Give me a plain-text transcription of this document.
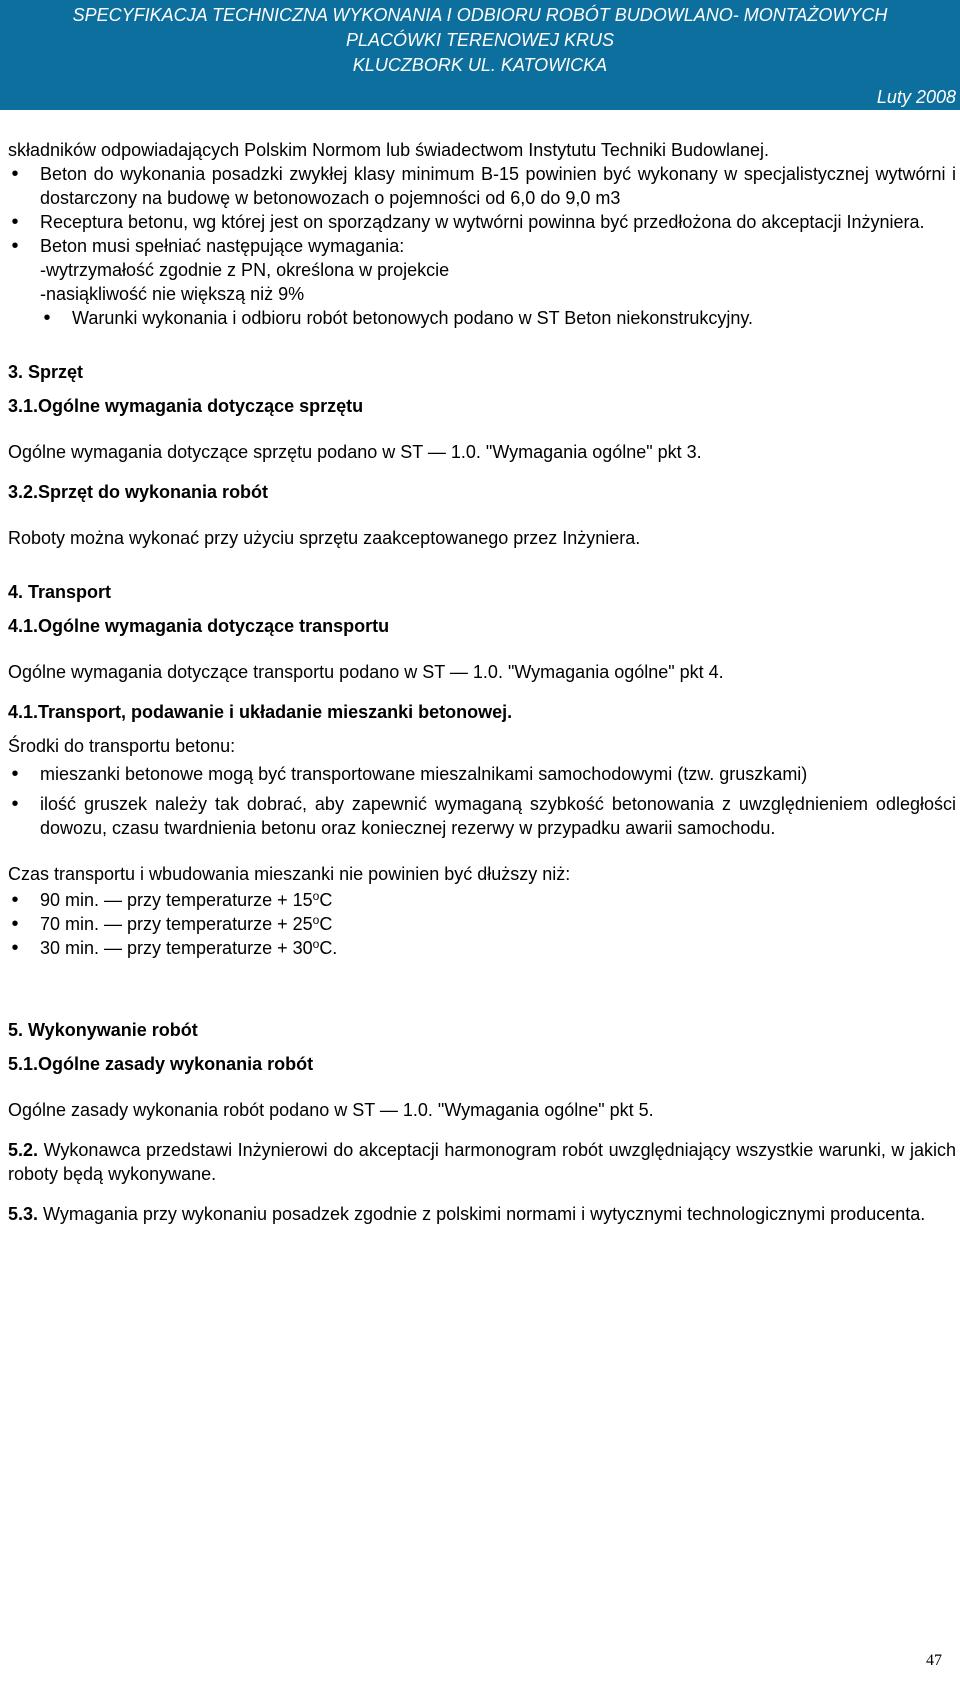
SPECYFIKACJA TECHNICZNA WYKONANIA I ODBIORU ROBÓT BUDOWLANO- MONTAŻOWYCH
PLACÓWKI TERENOWEJ KRUS
KLUCZBORK UL. KATOWICKA
Luty 2008

składników odpowiadających Polskim Normom lub świadectwom Instytutu Techniki Budowlanej.

• Beton do wykonania posadzki zwykłej klasy minimum B-15 powinien być wykonany w specjalistycznej wytwórni i dostarczony na budowę w betonowozach o pojemności od 6,0 do 9,0 m3
• Receptura betonu, wg której jest on sporządzany w wytwórni powinna być przedłożona do akceptacji Inżyniera.
• Beton musi spełniać następujące wymagania:
-wytrzymałość zgodnie z PN, określona w projekcie
-nasiąkliwość nie większą niż 9%
• Warunki wykonania i odbioru robót betonowych podano w ST Beton niekonstrukcyjny.

3. Sprzęt

3.1.Ogólne wymagania dotyczące sprzętu

Ogólne wymagania dotyczące sprzętu podano w ST — 1.0. "Wymagania ogólne" pkt 3.

3.2.Sprzęt do wykonania robót

Roboty można wykonać przy użyciu sprzętu zaakceptowanego przez Inżyniera.

4. Transport

4.1.Ogólne wymagania dotyczące transportu

Ogólne wymagania dotyczące transportu podano w ST — 1.0. "Wymagania ogólne" pkt 4.

4.1.Transport, podawanie i układanie mieszanki betonowej.

Środki do transportu betonu:

• mieszanki betonowe mogą być transportowane mieszalnikami samochodowymi (tzw. gruszkami)
• ilość gruszek należy tak dobrać, aby zapewnić wymaganą szybkość betonowania z uwzględnieniem odległości dowozu, czasu twardnienia betonu oraz koniecznej rezerwy w przypadku awarii samochodu.

Czas transportu i wbudowania mieszanki nie powinien być dłuższy niż:

• 90 min. — przy temperaturze + $15^oC$
• 70 min. — przy temperaturze + $25^oC$
• 30 min. — przy temperaturze + $30^oC$.

5. Wykonywanie robót

5.1.Ogólne zasady wykonania robót

Ogólne zasady wykonania robót podano w ST — 1.0. "Wymagania ogólne" pkt 5.

5.2. Wykonawca przedstawi Inżynierowi do akceptacji harmonogram robót uwzględniający wszystkie warunki, w jakich roboty będą wykonywane.

5.3. Wymagania przy wykonaniu posadzek zgodnie z polskimi normami i wytycznymi technologicznymi producenta.

47
